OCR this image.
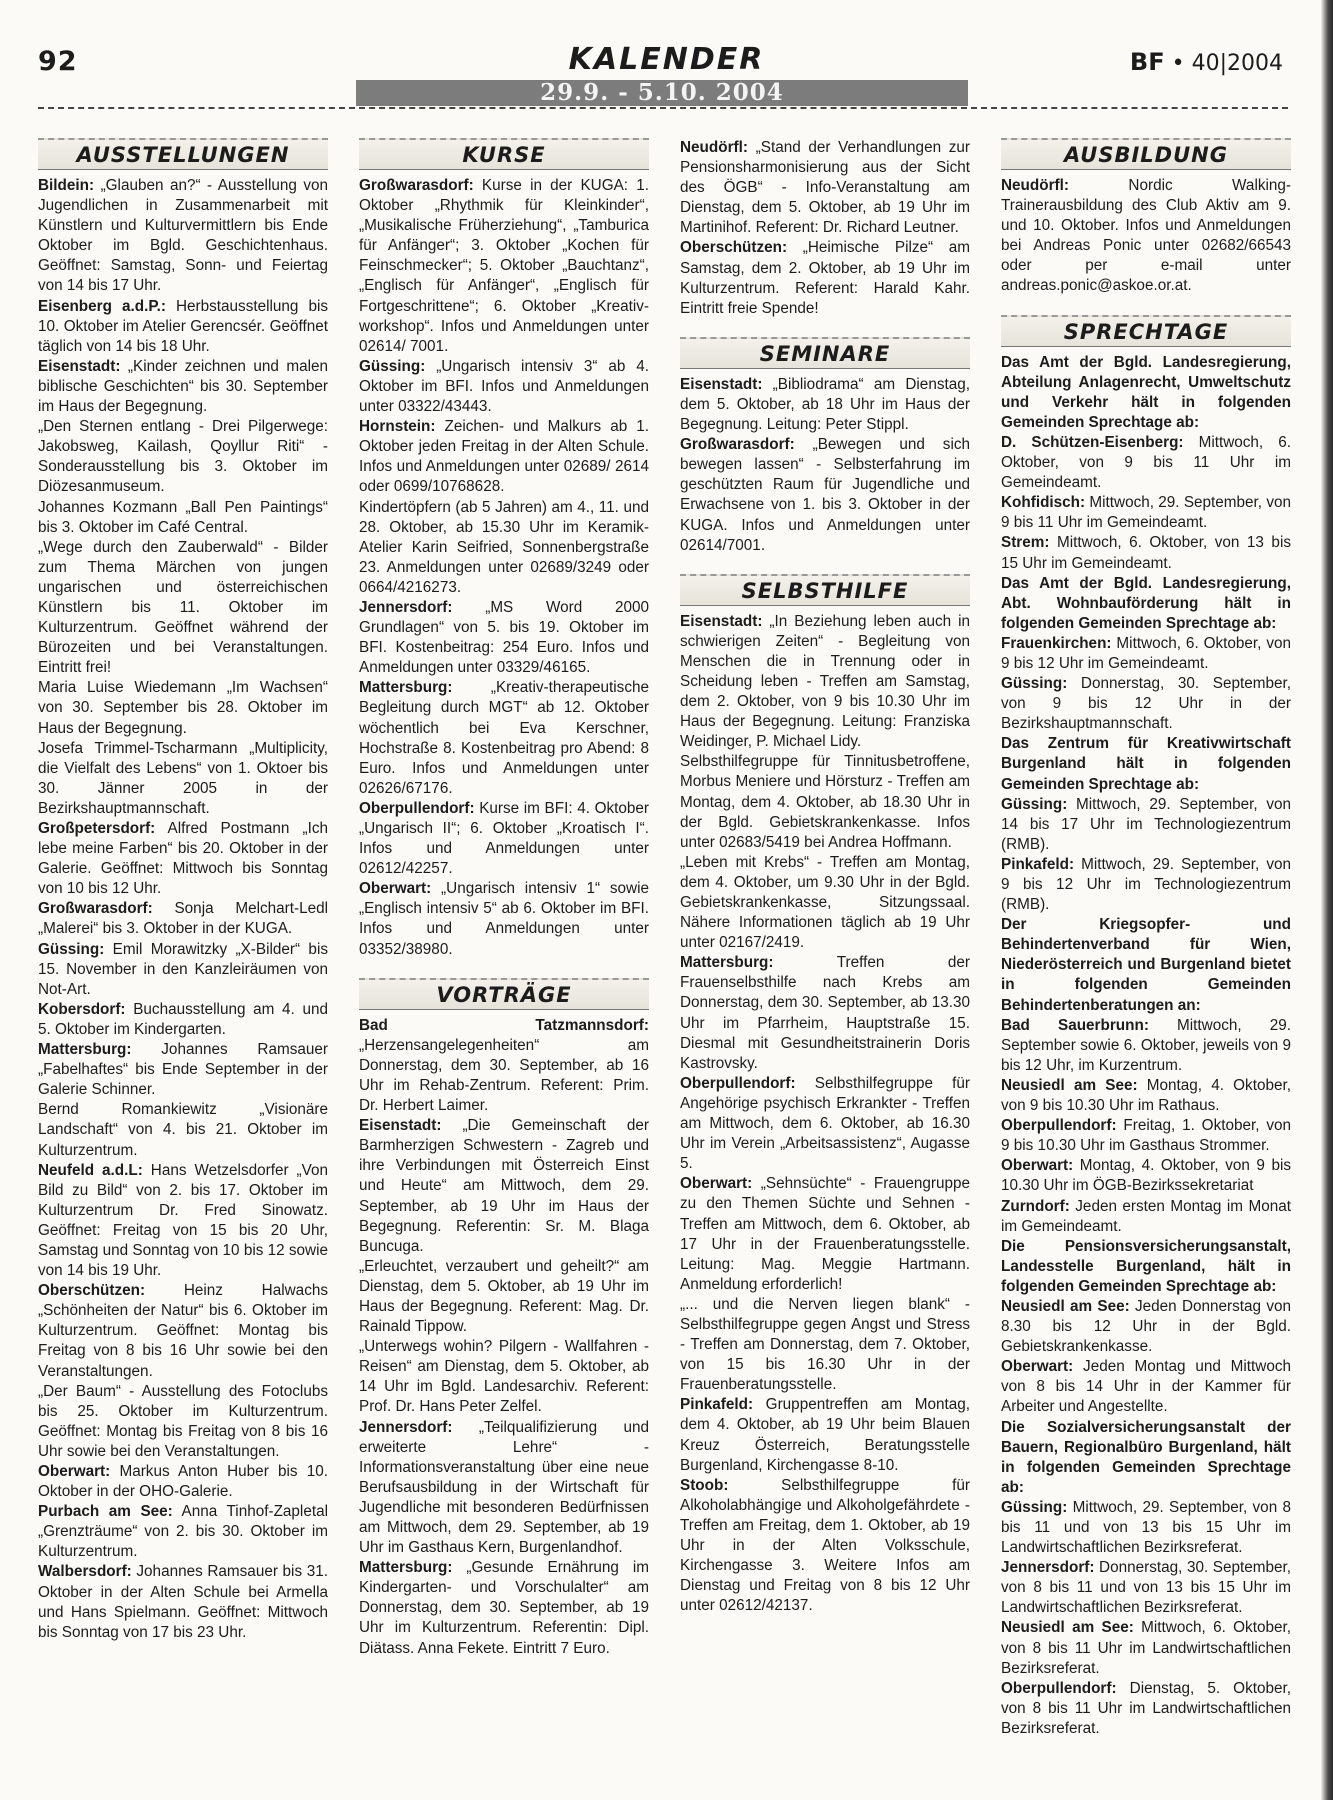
92	KALENDER	BF • 40|2004
29.9. - 5.10. 2004
AUSSTELLUNGEN

Bildein: „Glauben an?“ - Ausstellung von Jugendlichen in Zusammenarbeit mit Künstlern und Kulturvermittlern bis Ende Oktober im Bgld. Geschichtenhaus. Geöffnet: Samstag, Sonn- und Feiertag von 14 bis 17 Uhr.

Eisenberg a.d.P.: Herbstausstellung bis 10. Oktober im Atelier Gerencsér. Geöffnet täglich von 14 bis 18 Uhr.

Eisenstadt: „Kinder zeichnen und malen biblische Geschichten“ bis 30. September im Haus der Begegnung.

„Den Sternen entlang - Drei Pilgerwege: Jakobsweg, Kailash, Qoyllur Riti“ - Sonderausstellung bis 3. Oktober im Diözesanmuseum.

Johannes Kozmann „Ball Pen Paintings“ bis 3. Oktober im Café Central.

„Wege durch den Zauberwald“ - Bilder zum Thema Märchen von jungen ungarischen und österreichischen Künstlern bis 11. Oktober im Kulturzentrum. Geöffnet während der Bürozeiten und bei Veranstaltungen. Eintritt frei!

Maria Luise Wiedemann „Im Wachsen“ von 30. September bis 28. Oktober im Haus der Begegnung.

Josefa Trimmel-Tscharmann „Multiplicity, die Vielfalt des Lebens“ von 1. Oktoer bis 30. Jänner 2005 in der Bezirkshauptmannschaft.

Großpetersdorf: Alfred Postmann „Ich lebe meine Farben“ bis 20. Oktober in der Galerie. Geöffnet: Mittwoch bis Sonntag von 10 bis 12 Uhr.

Großwarasdorf: Sonja Melchart-Ledl „Malerei“ bis 3. Oktober in der KUGA.

Güssing: Emil Morawitzky „X-Bilder“ bis 15. November in den Kanzleiräumen von Not-Art.

Kobersdorf: Buchausstellung am 4. und 5. Oktober im Kindergarten.

Mattersburg: Johannes Ramsauer „Fabelhaftes“ bis Ende September in der Galerie Schinner.

Bernd Romankiewitz „Visionäre Landschaft“ von 4. bis 21. Oktober im Kulturzentrum.

Neufeld a.d.L: Hans Wetzelsdorfer „Von Bild zu Bild“ von 2. bis 17. Oktober im Kulturzentrum Dr. Fred Sinowatz. Geöffnet: Freitag von 15 bis 20 Uhr, Samstag und Sonntag von 10 bis 12 sowie von 14 bis 19 Uhr.

Oberschützen: Heinz Halwachs „Schönheiten der Natur“ bis 6. Oktober im Kulturzentrum. Geöffnet: Montag bis Freitag von 8 bis 16 Uhr sowie bei den Veranstaltungen.

„Der Baum“ - Ausstellung des Fotoclubs bis 25. Oktober im Kulturzentrum. Geöffnet: Montag bis Freitag von 8 bis 16 Uhr sowie bei den Veranstaltungen.

Oberwart: Markus Anton Huber bis 10. Oktober in der OHO-Galerie.

Purbach am See: Anna Tinhof-Zapletal „Grenzträume“ von 2. bis 30. Oktober im Kulturzentrum.

Walbersdorf: Johannes Ramsauer bis 31. Oktober in der Alten Schule bei Armella und Hans Spielmann. Geöffnet: Mittwoch bis Sonntag von 17 bis 23 Uhr.

KURSE

Großwarasdorf: Kurse in der KUGA: 1. Oktober „Rhythmik für Kleinkinder“, „Musikalische Früherziehung“, „Tamburica für Anfänger“; 3. Oktober „Kochen für Feinschmecker“; 5. Oktober „Bauchtanz“, „Englisch für Anfänger“, „Englisch für Fortgeschrittene“; 6. Oktober „Kreativ-workshop“. Infos und Anmeldungen unter 02614/ 7001.

Güssing: „Ungarisch intensiv 3“ ab 4. Oktober im BFI. Infos und Anmeldungen unter 03322/43443.

Hornstein: Zeichen- und Malkurs ab 1. Oktober jeden Freitag in der Alten Schule. Infos und Anmeldungen unter 02689/ 2614 oder 0699/10768628.

Kindertöpfern (ab 5 Jahren) am 4., 11. und 28. Oktober, ab 15.30 Uhr im Keramik-Atelier Karin Seifried, Sonnenbergstraße 23. Anmeldungen unter 02689/3249 oder 0664/4216273.

Jennersdorf: „MS Word 2000 Grundlagen“ von 5. bis 19. Oktober im BFI. Kostenbeitrag: 254 Euro. Infos und Anmeldungen unter 03329/46165.

Mattersburg: „Kreativ-therapeutische Begleitung durch MGT“ ab 12. Oktober wöchentlich bei Eva Kerschner, Hochstraße 8. Kostenbeitrag pro Abend: 8 Euro. Infos und Anmeldungen unter 02626/67176.

Oberpullendorf: Kurse im BFI: 4. Oktober „Ungarisch II“; 6. Oktober „Kroatisch I“. Infos und Anmeldungen unter 02612/42257.

Oberwart: „Ungarisch intensiv 1“ sowie „Englisch intensiv 5“ ab 6. Oktober im BFI. Infos und Anmeldungen unter 03352/38980.

VORTRÄGE

Bad Tatzmannsdorf: „Herzensangelegenheiten“ am Donnerstag, dem 30. September, ab 16 Uhr im Rehab-Zentrum. Referent: Prim. Dr. Herbert Laimer.

Eisenstadt: „Die Gemeinschaft der Barmherzigen Schwestern - Zagreb und ihre Verbindungen mit Österreich Einst und Heute“ am Mittwoch, dem 29. September, ab 19 Uhr im Haus der Begegnung. Referentin: Sr. M. Blaga Buncuga.

„Erleuchtet, verzaubert und geheilt?“ am Dienstag, dem 5. Oktober, ab 19 Uhr im Haus der Begegnung. Referent: Mag. Dr. Rainald Tippow.

„Unterwegs wohin? Pilgern - Wallfahren - Reisen“ am Dienstag, dem 5. Oktober, ab 14 Uhr im Bgld. Landesarchiv. Referent: Prof. Dr. Hans Peter Zelfel.

Jennersdorf: „Teilqualifizierung und erweiterte Lehre“ - Informationsveranstaltung über eine neue Berufsausbildung in der Wirtschaft für Jugendliche mit besonderen Bedürfnissen am Mittwoch, dem 29. September, ab 19 Uhr im Gasthaus Kern, Burgenlandhof.

Mattersburg: „Gesunde Ernährung im Kindergarten- und Vorschulalter“ am Donnerstag, dem 30. September, ab 19 Uhr im Kulturzentrum. Referentin: Dipl. Diätass. Anna Fekete. Eintritt 7 Euro.

Neudörfl: „Stand der Verhandlungen zur Pensionsharmonisierung aus der Sicht des ÖGB“ - Info-Veranstaltung am Dienstag, dem 5. Oktober, ab 19 Uhr im Martinihof. Referent: Dr. Richard Leutner.

Oberschützen: „Heimische Pilze“ am Samstag, dem 2. Oktober, ab 19 Uhr im Kulturzentrum. Referent: Harald Kahr. Eintritt freie Spende!

SEMINARE

Eisenstadt: „Bibliodrama“ am Dienstag, dem 5. Oktober, ab 18 Uhr im Haus der Begegnung. Leitung: Peter Stippl.

Großwarasdorf: „Bewegen und sich bewegen lassen“ - Selbsterfahrung im geschützten Raum für Jugendliche und Erwachsene von 1. bis 3. Oktober in der KUGA. Infos und Anmeldungen unter 02614/7001.

SELBSTHILFE

Eisenstadt: „In Beziehung leben auch in schwierigen Zeiten“ - Begleitung von Menschen die in Trennung oder in Scheidung leben - Treffen am Samstag, dem 2. Oktober, von 9 bis 10.30 Uhr im Haus der Begegnung. Leitung: Franziska Weidinger, P. Michael Lidy.

Selbsthilfegruppe für Tinnitusbetroffene, Morbus Meniere und Hörsturz - Treffen am Montag, dem 4. Oktober, ab 18.30 Uhr in der Bgld. Gebietskrankenkasse. Infos unter 02683/5419 bei Andrea Hoffmann.

„Leben mit Krebs“ - Treffen am Montag, dem 4. Oktober, um 9.30 Uhr in der Bgld. Gebietskrankenkasse, Sitzungssaal. Nähere Informationen täglich ab 19 Uhr unter 02167/2419.

Mattersburg: Treffen der Frauenselbsthilfe nach Krebs am Donnerstag, dem 30. September, ab 13.30 Uhr im Pfarrheim, Hauptstraße 15. Diesmal mit Gesundheitstrainerin Doris Kastrovsky.

Oberpullendorf: Selbsthilfegruppe für Angehörige psychisch Erkrankter - Treffen am Mittwoch, dem 6. Oktober, ab 16.30 Uhr im Verein „Arbeitsassistenz“, Augasse 5.

Oberwart: „Sehnsüchte“ - Frauengruppe zu den Themen Süchte und Sehnen - Treffen am Mittwoch, dem 6. Oktober, ab 17 Uhr in der Frauenberatungsstelle. Leitung: Mag. Meggie Hartmann. Anmeldung erforderlich!

„... und die Nerven liegen blank“ - Selbsthilfegruppe gegen Angst und Stress - Treffen am Donnerstag, dem 7. Oktober, von 15 bis 16.30 Uhr in der Frauenberatungsstelle.

Pinkafeld: Gruppentreffen am Montag, dem 4. Oktober, ab 19 Uhr beim Blauen Kreuz Österreich, Beratungsstelle Burgenland, Kirchengasse 8-10.

Stoob: Selbsthilfegruppe für Alkoholabhängige und Alkoholgefährdete - Treffen am Freitag, dem 1. Oktober, ab 19 Uhr in der Alten Volksschule, Kirchengasse 3. Weitere Infos am Dienstag und Freitag von 8 bis 12 Uhr unter 02612/42137.

AUSBILDUNG

Neudörfl: Nordic Walking-Trainerausbildung des Club Aktiv am 9. und 10. Oktober. Infos und Anmeldungen bei Andreas Ponic unter 02682/66543 oder per e-mail unter andreas.ponic@askoe.or.at.

SPRECHTAGE

Das Amt der Bgld. Landesregierung, Abteilung Anlagenrecht, Umweltschutz und Verkehr hält in folgenden Gemeinden Sprechtage ab:

D. Schützen-Eisenberg: Mittwoch, 6. Oktober, von 9 bis 11 Uhr im Gemeindeamt.

Kohfidisch: Mittwoch, 29. September, von 9 bis 11 Uhr im Gemeindeamt.

Strem: Mittwoch, 6. Oktober, von 13 bis 15 Uhr im Gemeindeamt.

Das Amt der Bgld. Landesregierung, Abt. Wohnbauförderung hält in folgenden Gemeinden Sprechtage ab:

Frauenkirchen: Mittwoch, 6. Oktober, von 9 bis 12 Uhr im Gemeindeamt.

Güssing: Donnerstag, 30. September, von 9 bis 12 Uhr in der Bezirkshauptmannschaft.

Das Zentrum für Kreativwirtschaft Burgenland hält in folgenden Gemeinden Sprechtage ab:

Güssing: Mittwoch, 29. September, von 14 bis 17 Uhr im Technologiezentrum (RMB).

Pinkafeld: Mittwoch, 29. September, von 9 bis 12 Uhr im Technologiezentrum (RMB).

Der Kriegsopfer- und Behindertenverband für Wien, Niederösterreich und Burgenland bietet in folgenden Gemeinden Behindertenberatungen an:

Bad Sauerbrunn: Mittwoch, 29. September sowie 6. Oktober, jeweils von 9 bis 12 Uhr, im Kurzentrum.

Neusiedl am See: Montag, 4. Oktober, von 9 bis 10.30 Uhr im Rathaus.

Oberpullendorf: Freitag, 1. Oktober, von 9 bis 10.30 Uhr im Gasthaus Strommer.

Oberwart: Montag, 4. Oktober, von 9 bis 10.30 Uhr im ÖGB-Bezirkssekretariat

Zurndorf: Jeden ersten Montag im Monat im Gemeindeamt.

Die Pensionsversicherungsanstalt, Landesstelle Burgenland, hält in folgenden Gemeinden Sprechtage ab:

Neusiedl am See: Jeden Donnerstag von 8.30 bis 12 Uhr in der Bgld. Gebietskrankenkasse.

Oberwart: Jeden Montag und Mittwoch von 8 bis 14 Uhr in der Kammer für Arbeiter und Angestellte.

Die Sozialversicherungsanstalt der Bauern, Regionalbüro Burgenland, hält in folgenden Gemeinden Sprechtage ab:

Güssing: Mittwoch, 29. September, von 8 bis 11 und von 13 bis 15 Uhr im Landwirtschaftlichen Bezirksreferat.

Jennersdorf: Donnerstag, 30. September, von 8 bis 11 und von 13 bis 15 Uhr im Landwirtschaftlichen Bezirksreferat.

Neusiedl am See: Mittwoch, 6. Oktober, von 8 bis 11 Uhr im Landwirtschaftlichen Bezirksreferat.

Oberpullendorf: Dienstag, 5. Oktober, von 8 bis 11 Uhr im Landwirtschaftlichen Bezirksreferat.
